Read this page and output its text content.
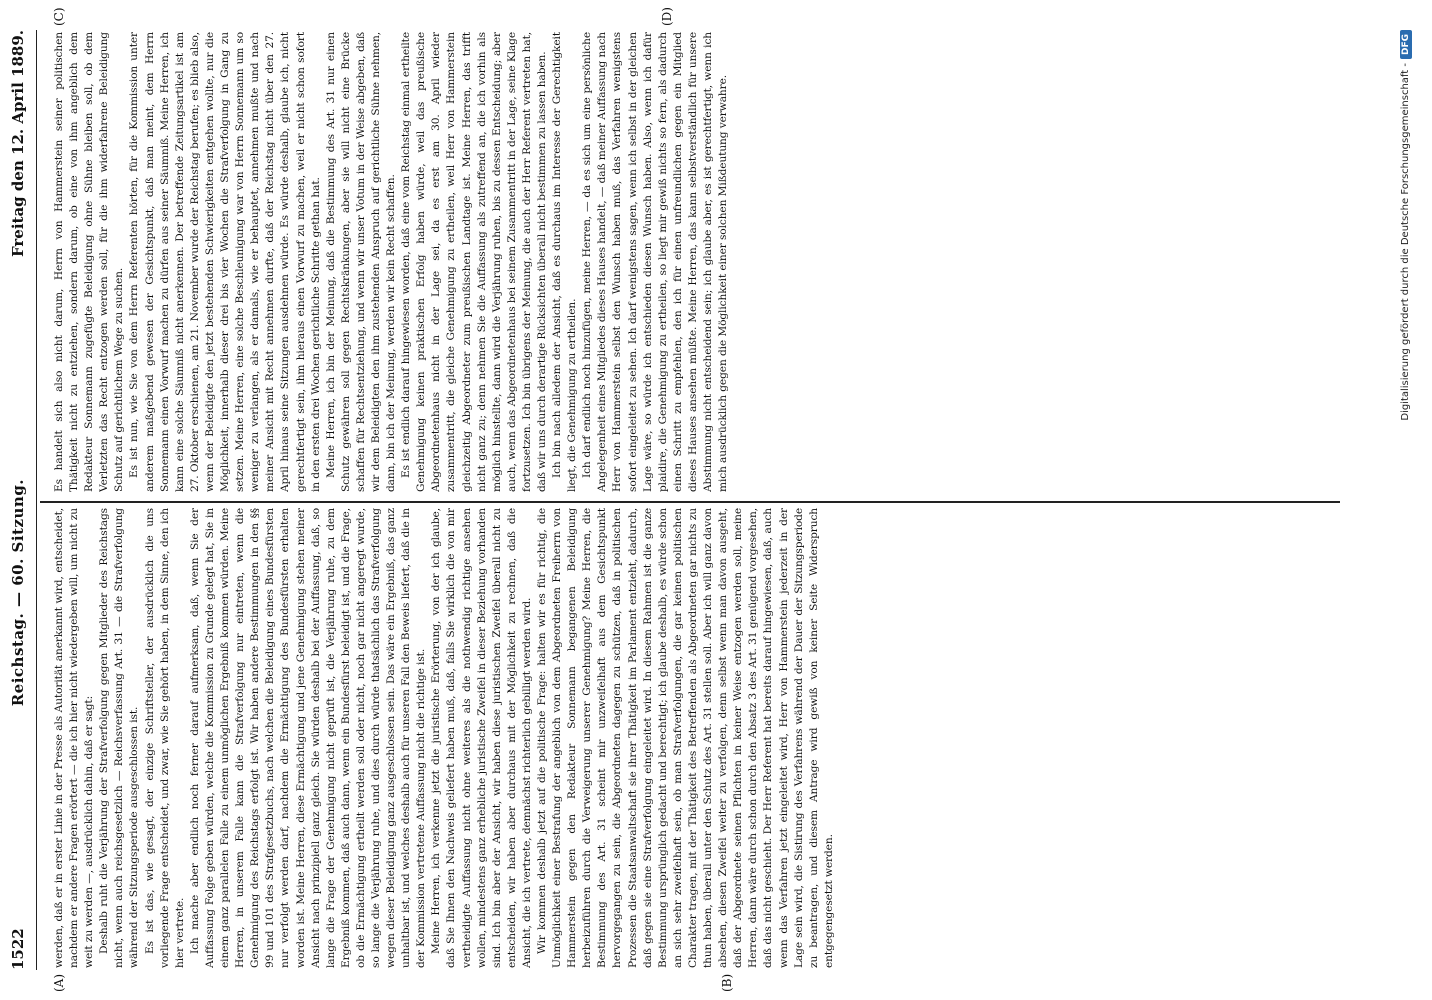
1522
Reichstag. — 60. Sitzung.
Freitag den 12. April 1889.
(A)	(B)
(C)	(D)

werden, daß er in erster Linie in der Presse als Autorität anerkannt wird, entscheidet, nachdem er andere Fragen erörtert — die ich hier nicht wiedergeben will, um nicht zu weit zu werden —, ausdrücklich dahin, daß er sagt: Deshalb ruht die Verjährung der Strafverfolgung gegen Mitglieder des Reichstags nicht, wenn auch reichsgesetzlich — Reichsverfassung Art. 31 — die Strafverfolgung während der Sitzungsperiode ausgeschlossen ist. Es ist das, wie gesagt, der einzige Schriftsteller, der ausdrücklich die uns vorliegende Frage entscheidet, und zwar, wie Sie gehört haben, in dem Sinne, den ich hier vertrete. Ich mache aber endlich noch ferner darauf aufmerksam, daß, wenn Sie der Auffassung Folge geben würden, welche die Kommission zu Grunde gelegt hat, Sie in einem ganz parallelen Falle zu einem unmöglichen Ergebniß kommen würden. Meine Herren, in unserem Falle kann die Strafverfolgung nur eintreten, wenn die Genehmigung des Reichstags erfolgt ist. Wir haben andere Bestimmungen in den §§ 99 und 101 des Strafgesetzbuchs, nach welchen die Beleidigung eines Bundesfürsten nur verfolgt werden darf, nachdem die Ermächtigung des Bundesfürsten erhalten worden ist. Meine Herren, diese Ermächtigung und jene Genehmigung stehen meiner Ansicht nach prinzipiell ganz gleich. Sie würden deshalb bei der Auffassung, daß, so lange die Frage der Genehmigung nicht geprüft ist, die Verjährung ruhe, zu dem Ergebniß kommen, daß auch dann, wenn ein Bundesfürst beleidigt ist, und die Frage, ob die Ermächtigung ertheilt werden soll oder nicht, noch gar nicht angeregt wurde, so lange die Verjährung ruhe, und dies durch würde thatsächlich das Strafverfolgung wegen dieser Beleidigung ganz ausgeschlossen sein. Das wäre ein Ergebniß, das ganz unhaltbar ist, und welches deshalb auch für unseren Fall den Beweis liefert, daß die in der Kommission vertretene Auffassung nicht die richtige ist. Meine Herren, ich verkenne jetzt die juristische Erörterung, von der ich glaube, daß Sie Ihnen den Nachweis geliefert haben muß, daß, falls Sie wirklich die von mir vertheidigte Auffassung nicht ohne weiteres als die nothwendig richtige ansehen wollen, mindestens ganz erhebliche juristische Zweifel in dieser Beziehung vorhanden sind. Ich bin aber der Ansicht, wir haben diese juristischen Zweifel überall nicht zu entscheiden, wir haben aber durchaus mit der Möglichkeit zu rechnen, daß die Ansicht, die ich vertrete, demnächst richterlich gebilligt werden wird. Wir kommen deshalb jetzt auf die politische Frage: halten wir es für richtig, die Unmöglichkeit einer Bestrafung der angeblich von dem Abgeordneten Freiherrn von Hammerstein gegen den Redakteur Sonnemann begangenen Beleidigung herbeizuführen durch die Verweigerung unserer Genehmigung? Meine Herren, die Bestimmung des Art. 31 scheint mir unzweifelhaft aus dem Gesichtspunkt hervorgegangen zu sein, die Abgeordneten dagegen zu schützen, daß in politischen Prozessen die Staatsanwaltschaft sie ihrer Thätigkeit im Parlament entzieht, dadurch, daß gegen sie eine Strafverfolgung eingeleitet wird. In diesem Rahmen ist die ganze Bestimmung ursprünglich gedacht und berechtigt; ich glaube deshalb, es würde schon an sich sehr zweifelhaft sein, ob man Strafverfolgungen, die gar keinen politischen Charakter tragen, mit der Thätigkeit des Betreffenden als Abgeordneten gar nichts zu thun haben, überall unter den Schutz des Art. 31 stellen soll. Aber ich will ganz davon absehen, diesen Zweifel weiter zu verfolgen, denn selbst wenn man davon ausgeht, daß der Abgeordnete seinen Pflichten in keiner Weise entzogen werden soll, meine Herren, dann wäre durch schon durch den Absatz 3 des Art. 31 genügend vorgesehen, daß das nicht geschieht. Der Herr Referent hat bereits darauf hingewiesen, daß, auch wenn das Verfahren jetzt eingeleitet wird, Herr von Hammerstein jederzeit in der Lage sein wird, die Sistirung des Verfahrens während der Dauer der Sitzungsperiode zu beantragen, und diesem Antrage wird gewiß von keiner Seite Widerspruch entgegengesetzt werden.

Es handelt sich also nicht darum, Herrn von Hammerstein seiner politischen Thätigkeit nicht zu entziehen, sondern darum, ob eine von ihm angeblich dem Redakteur Sonnemann zugefügte Beleidigung ohne Sühne bleiben soll, ob dem Verletzten das Recht entzogen werden soll, für die ihm widerfahrene Beleidigung Schutz auf gerichtlichem Wege zu suchen. Es ist nun, wie Sie von dem Herrn Referenten hörten, für die Kommission unter anderem maßgebend gewesen der Gesichtspunkt, daß man meint, dem Herrn Sonnemann einen Vorwurf machen zu dürfen aus seiner Säumniß. Meine Herren, ich kann eine solche Säumniß nicht anerkennen. Der betreffende Zeitungsartikel ist am 27. Oktober erschienen, am 21. November wurde der Reichstag berufen; es blieb also, wenn der Beleidigte den jetzt bestehenden Schwierigkeiten entgehen wollte, nur die Möglichkeit, innerhalb dieser drei bis vier Wochen die Strafverfolgung in Gang zu setzen. Meine Herren, eine solche Beschleunigung war von Herrn Sonnemann um so weniger zu verlangen, als er damals, wie er behauptet, annehmen mußte und nach meiner Ansicht mit Recht annehmen durfte, daß der Reichstag nicht über den 27. April hinaus seine Sitzungen ausdehnen würde. Es würde deshalb, glaube ich, nicht gerechtfertigt sein, ihm hieraus einen Vorwurf zu machen, weil er nicht schon sofort in den ersten drei Wochen gerichtliche Schritte gethan hat. Meine Herren, ich bin der Meinung, daß die Bestimmung des Art. 31 nur einen Schutz gewähren soll gegen Rechtskränkungen, aber sie will nicht eine Brücke schaffen für Rechtsentziehung, und wenn wir unser Votum in der Weise abgeben, daß wir dem Beleidigten den ihm zustehenden Anspruch auf gerichtliche Sühne nehmen, dann, bin ich der Meinung, werden wir kein Recht schaffen. Es ist endlich darauf hingewiesen worden, daß eine vom Reichstag einmal ertheilte Genehmigung keinen praktischen Erfolg haben würde, weil das preußische Abgeordnetenhaus nicht in der Lage sei, da es erst am 30. April wieder zusammentritt, die gleiche Genehmigung zu ertheilen, weil Herr von Hammerstein gleichzeitig Abgeordneter zum preußischen Landtage ist. Meine Herren, das trifft nicht ganz zu; denn nehmen Sie die Auffassung als zutreffend an, die ich vorhin als möglich hinstellte, dann wird die Verjährung ruhen, bis zu dessen Entscheidung; aber auch, wenn das Abgeordnetenhaus bei seinem Zusammentritt in der Lage, seine Klage fortzusetzen. Ich bin übrigens der Meinung, die auch der Herr Referent vertreten hat, daß wir uns durch derartige Rücksichten überall nicht bestimmen zu lassen haben. Ich bin nach alledem der Ansicht, daß es durchaus im Interesse der Gerechtigkeit liegt, die Genehmigung zu ertheilen. Ich darf endlich noch hinzufügen, meine Herren, — da es sich um eine persönliche Angelegenheit eines Mitgliedes dieses Hauses handelt, — daß meiner Auffassung nach Herr von Hammerstein selbst den Wunsch haben muß, das Verfahren wenigstens sofort eingeleitet zu sehen. Ich darf wenigstens sagen, wenn ich selbst in der gleichen Lage wäre, so würde ich entschieden diesen Wunsch haben. Also, wenn ich dafür plaidire, die Genehmigung zu ertheilen, so liegt mir gewiß nichts so fern, als dadurch einen Schritt zu empfehlen, den ich für einen unfreundlichen gegen ein Mitglied dieses Hauses ansehen müßte. Meine Herren, das kann selbstverständlich für unsere Abstimmung nicht entscheidend sein; ich glaube aber, es ist gerechtfertigt, wenn ich mich ausdrücklich gegen die Möglichkeit einer solchen Mißdeutung verwahre.	Digitalisierung gefördert durch die Deutsche Forschungsgemeinschaft -DFG
